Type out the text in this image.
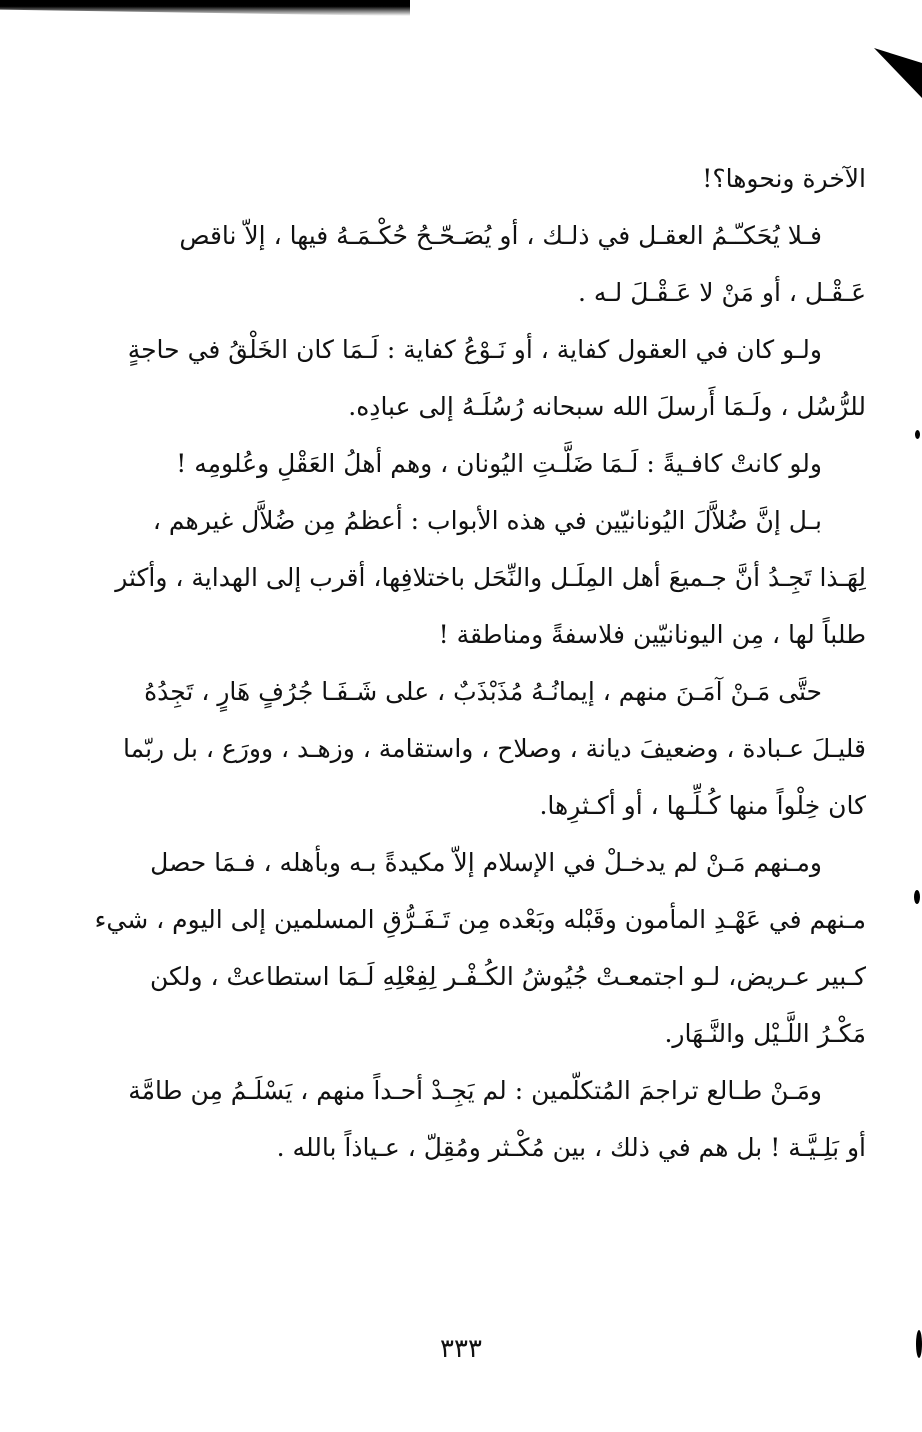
الآخرة ونحوها؟!
فـلا يُحَكـّـمُ العقـل في ذلـك ، أو يُصَـحّـحُ حُكْـمَـهُ فيها ، إلاّ ناقص
عَـقْـل ، أو مَنْ لا عَـقْـلَ لـه .
ولـو كان في العقول كفاية ، أو نَـوْعُ كفاية : لَـمَا كان الخَلْقُ في حاجةٍ
للرُّسُل ، ولَـمَا أَرسلَ الله سبحانه رُسُلَـهُ إلى عبادِه.
ولو كانتْ كافـيةً : لَـمَا ضَلَّـتِ اليُونان ، وهم أهلُ العَقْلِ وعُلومِه !
بـل إنَّ ضُلاَّلَ اليُونانيّين في هذه الأبواب : أعظمُ مِن ضُلاَّل غيرهم ،
لِهَـذا تَجِـدُ أنَّ جـميعَ أهل المِلَـل والنِّحَل باختلافِها، أقرب إلى الهداية ، وأكثر
طلباً لها ، مِن اليونانيّين فلاسفةً ومناطقة !
حتَّى مَـنْ آمَـنَ منهم ، إيمانُـهُ مُذَبْذَبٌ ، على شَـفَـا جُرُفٍ هَارٍ ، تَجِدُهُ
قليـلَ عـبادة ، وضعيفَ ديانة ، وصلاح ، واستقامة ، وزهـد ، وورَع ، بل ربّما
كان خِلْواً منها كُـلِّـها ، أو أكـثرِها.
ومـنهم مَـنْ لم يدخـلْ في الإسلام إلاّ مكيدةً بـه وبأهله ، فـمَا حصل
مـنهم في عَهْـدِ المأمون وقَبْله وبَعْده مِن تَـفَـرُّقِ المسلمين إلى اليوم ، شيء
كـبير عـريض، لـو اجتمعـتْ جُيُوشُ الكُـفْـر لِفِعْلِهِ لَـمَا استطاعتْ ، ولكن
مَكْـرُ اللَّـيْل والنَّـهَار.
ومَـنْ طـالع تراجمَ المُتكلّمين : لم يَجِـدْ أحـداً منهم ، يَسْلَـمُ مِن طامَّة
أو بَلِـيَّـة ! بل هم في ذلك ، بين مُكْـثر ومُقِلّ ، عـياذاً بالله .
٣٣٣
